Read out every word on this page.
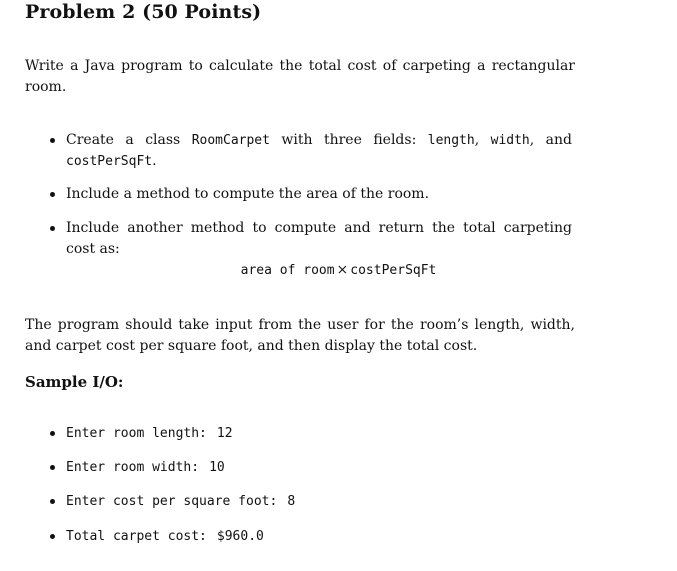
Problem 2 (50 Points)
Write a Java program to calculate the total cost of carpeting a rectangular room.
Create a class RoomCarpet with three fields: length, width, and costPerSqFt.
Include a method to compute the area of the room.
Include another method to compute and return the total carpeting cost as:
area of room × costPerSqFt
The program should take input from the user for the room’s length, width, and carpet cost per square foot, and then display the total cost.
Sample I/O:
Enter room length: 12
Enter room width: 10
Enter cost per square foot: 8
Total carpet cost: $960.0
